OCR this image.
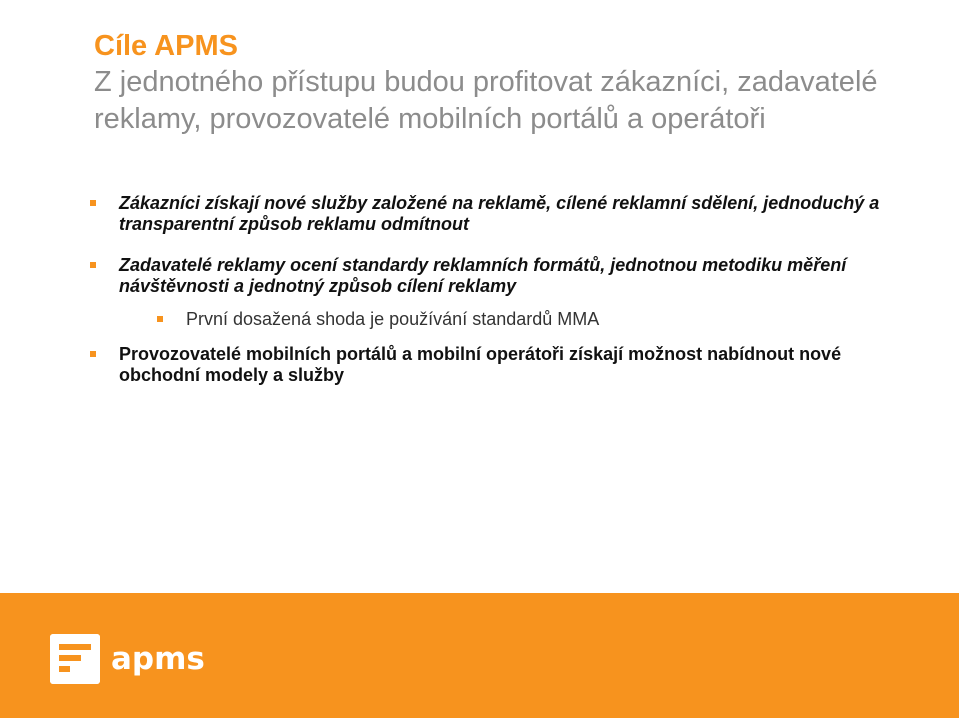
Cíle APMS
Z jednotného přístupu budou profitovat zákazníci, zadavatelé reklamy, provozovatelé mobilních portálů a operátoři
Zákazníci získají nové služby založené na reklamě, cílené reklamní sdělení, jednoduchý a transparentní způsob reklamu odmítnout
Zadavatelé reklamy ocení standardy reklamních formátů, jednotnou metodiku měření návštěvnosti a jednotný způsob cílení reklamy
První dosažená shoda je používání standardů MMA
Provozovatelé mobilních portálů a mobilní operátoři získají možnost nabídnout nové obchodní modely a služby
apms
